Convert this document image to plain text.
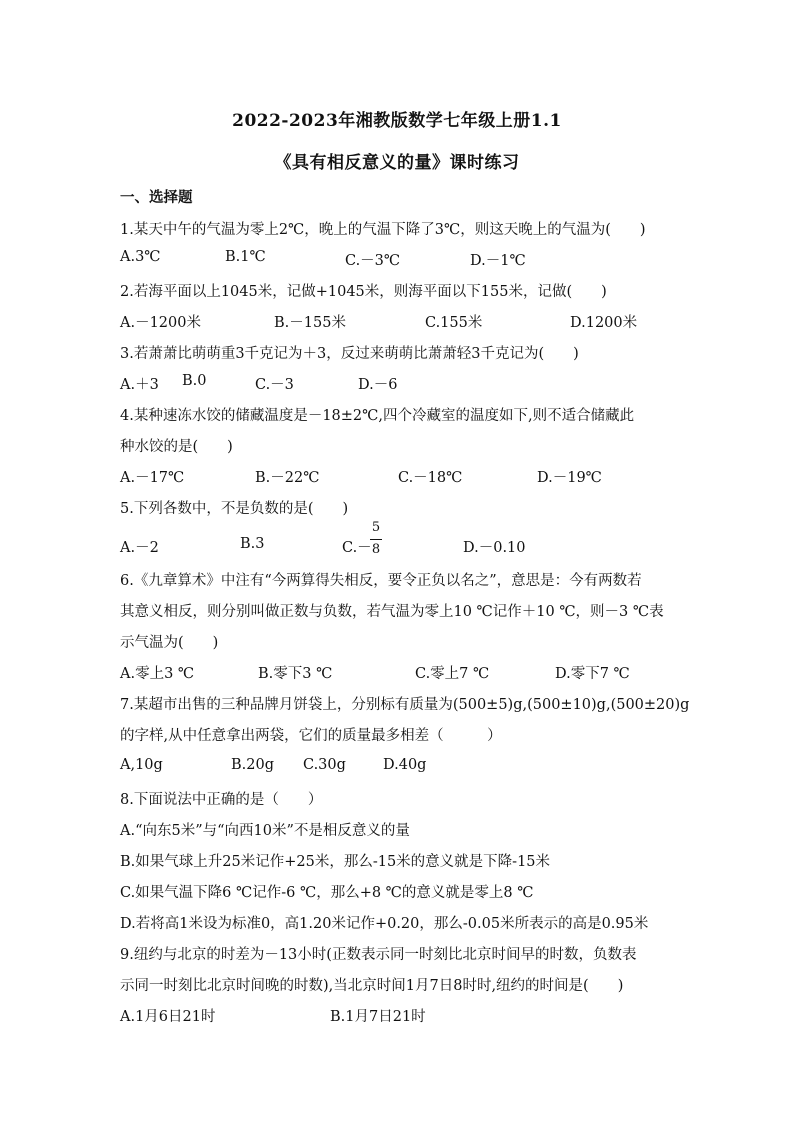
2022-2023年湘教版数学七年级上册1.1
《具有相反意义的量》课时练习
一、选择题
1.某天中午的气温为零上2℃，晚上的气温下降了3℃，则这天晚上的气温为(　　)
A.3℃	B.1℃	C.－3℃	D.－1℃
2.若海平面以上1045米，记做+1045米，则海平面以下155米，记做(　　)
A.－1200米	B.－155米	C.155米	D.1200米
3.若萧萧比萌萌重3千克记为＋3，反过来萌萌比萧萧轻3千克记为(　　)
A.＋3 B.0	C.－3	D.－6
4.某种速冻水饺的储藏温度是－18±2℃,四个冷藏室的温度如下,则不适合储藏此
种水饺的是(　　)
A.－17℃	B.－22℃	C.－18℃	D.－19℃
5.下列各数中，不是负数的是(　　)
A.－2	B.3	C.－
5
8	D.－0.10
6.《九章算术》中注有“今两算得失相反，要令正负以名之”，意思是：今有两数若
其意义相反，则分别叫做正数与负数，若气温为零上10 ℃记作＋10 ℃，则－3 ℃表
示气温为(　　)
A.零上3 ℃	B.零下3 ℃	C.零上7 ℃	D.零下7 ℃
7.某超市出售的三种品牌月饼袋上，分别标有质量为(500±5)g,(500±10)g,(500±20)g
的字样,从中任意拿出两袋，它们的质量最多相差（　　　）
A,10g	B.20g C.30g	D.40g
8.下面说法中正确的是（　　）
A.“向东5米”与“向西10米”不是相反意义的量
B.如果气球上升25米记作+25米，那么-15米的意义就是下降-15米
C.如果气温下降6 ℃记作-6 ℃，那么+8 ℃的意义就是零上8 ℃
D.若将高1米设为标准0，高1.20米记作+0.20，那么-0.05米所表示的高是0.95米
9.纽约与北京的时差为－13小时(正数表示同一时刻比北京时间早的时数，负数表
示同一时刻比北京时间晚的时数),当北京时间1月7日8时时,纽约的时间是(　　)
A.1月6日21时	B.1月7日21时
